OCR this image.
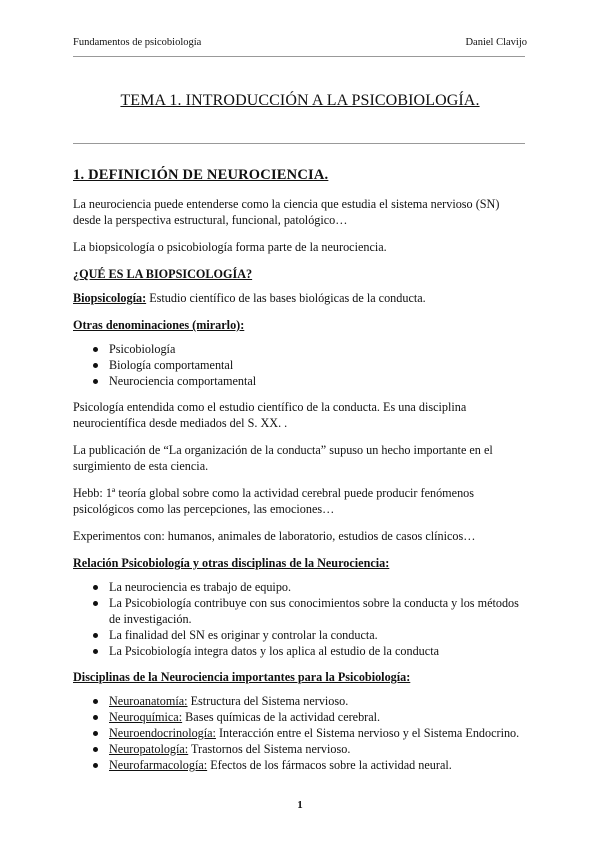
Fundamentos de psicobiología	Daniel Clavijo
TEMA 1. INTRODUCCIÓN A LA PSICOBIOLOGÍA.
1. DEFINICIÓN DE NEUROCIENCIA.

La neurociencia puede entenderse como la ciencia que estudia el sistema nervioso (SN) desde la perspectiva estructural, funcional, patológico…

La biopsicología o psicobiología forma parte de la neurociencia.

¿QUÉ ES LA BIOPSICOLOGÍA?

Biopsicología: Estudio científico de las bases biológicas de la conducta.

Otras denominaciones (mirarlo):
Psicobiología
Biología comportamental
Neurociencia comportamental

Psicología entendida como el estudio científico de la conducta. Es una disciplina neurocientífica desde mediados del S. XX. .

La publicación de “La organización de la conducta” supuso un hecho importante en el surgimiento de esta ciencia.

Hebb: 1ª teoría global sobre como la actividad cerebral puede producir fenómenos psicológicos como las percepciones, las emociones…

Experimentos con: humanos, animales de laboratorio, estudios de casos clínicos…

Relación Psicobiología y otras disciplinas de la Neurociencia:
La neurociencia es trabajo de equipo.
La Psicobiología contribuye con sus conocimientos sobre la conducta y los métodos de investigación.
La finalidad del SN es originar y controlar la conducta.
La Psicobiología integra datos y los aplica al estudio de la conducta
Disciplinas de la Neurociencia importantes para la Psicobiología:
Neuroanatomía: Estructura del Sistema nervioso.
Neuroquímica: Bases químicas de la actividad cerebral.
Neuroendocrinología: Interacción entre el Sistema nervioso y el Sistema Endocrino.
Neuropatología: Trastornos del Sistema nervioso.
Neurofarmacología: Efectos de los fármacos sobre la actividad neural.
1
